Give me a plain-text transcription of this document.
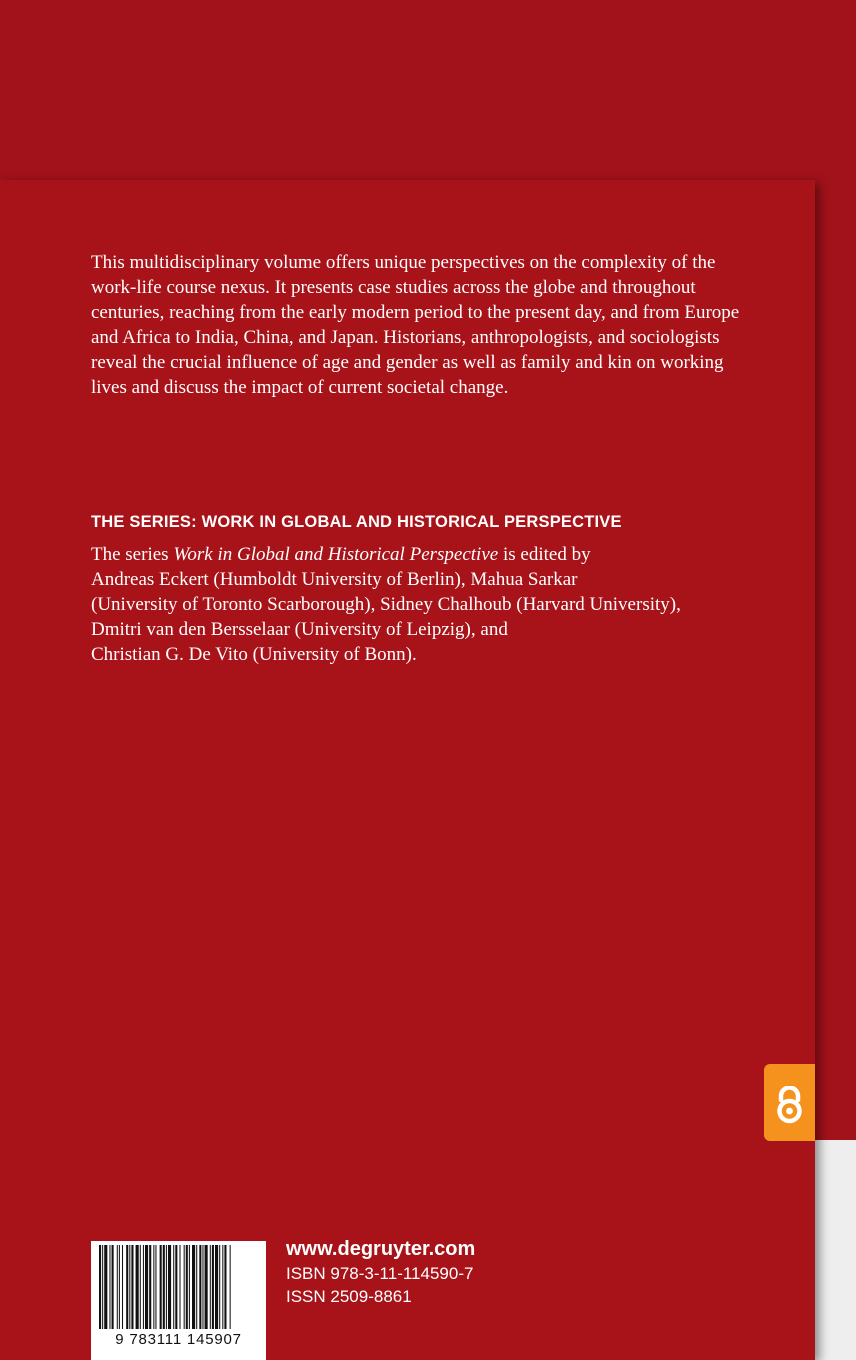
This multidisciplinary volume offers unique perspectives on the complexity of the work-life course nexus. It presents case studies across the globe and throughout centuries, reaching from the early modern period to the present day, and from Europe and Africa to India, China, and Japan. Historians, anthropologists, and sociologists reveal the crucial influence of age and gender as well as family and kin on working lives and discuss the impact of current societal change.

THE SERIES: WORK IN GLOBAL AND HISTORICAL PERSPECTIVE

The series Work in Global and Historical Perspective is edited by
Andreas Eckert (Humboldt University of Berlin), Mahua Sarkar
(University of Toronto Scarborough), Sidney Chalhoub (Harvard University),
Dmitri van den Bersselaar (University of Leipzig), and
Christian G. De Vito (University of Bonn).

9 783111 145907
www.degruyter.com
ISBN 978-3-11-114590-7
ISSN 2509-8861
